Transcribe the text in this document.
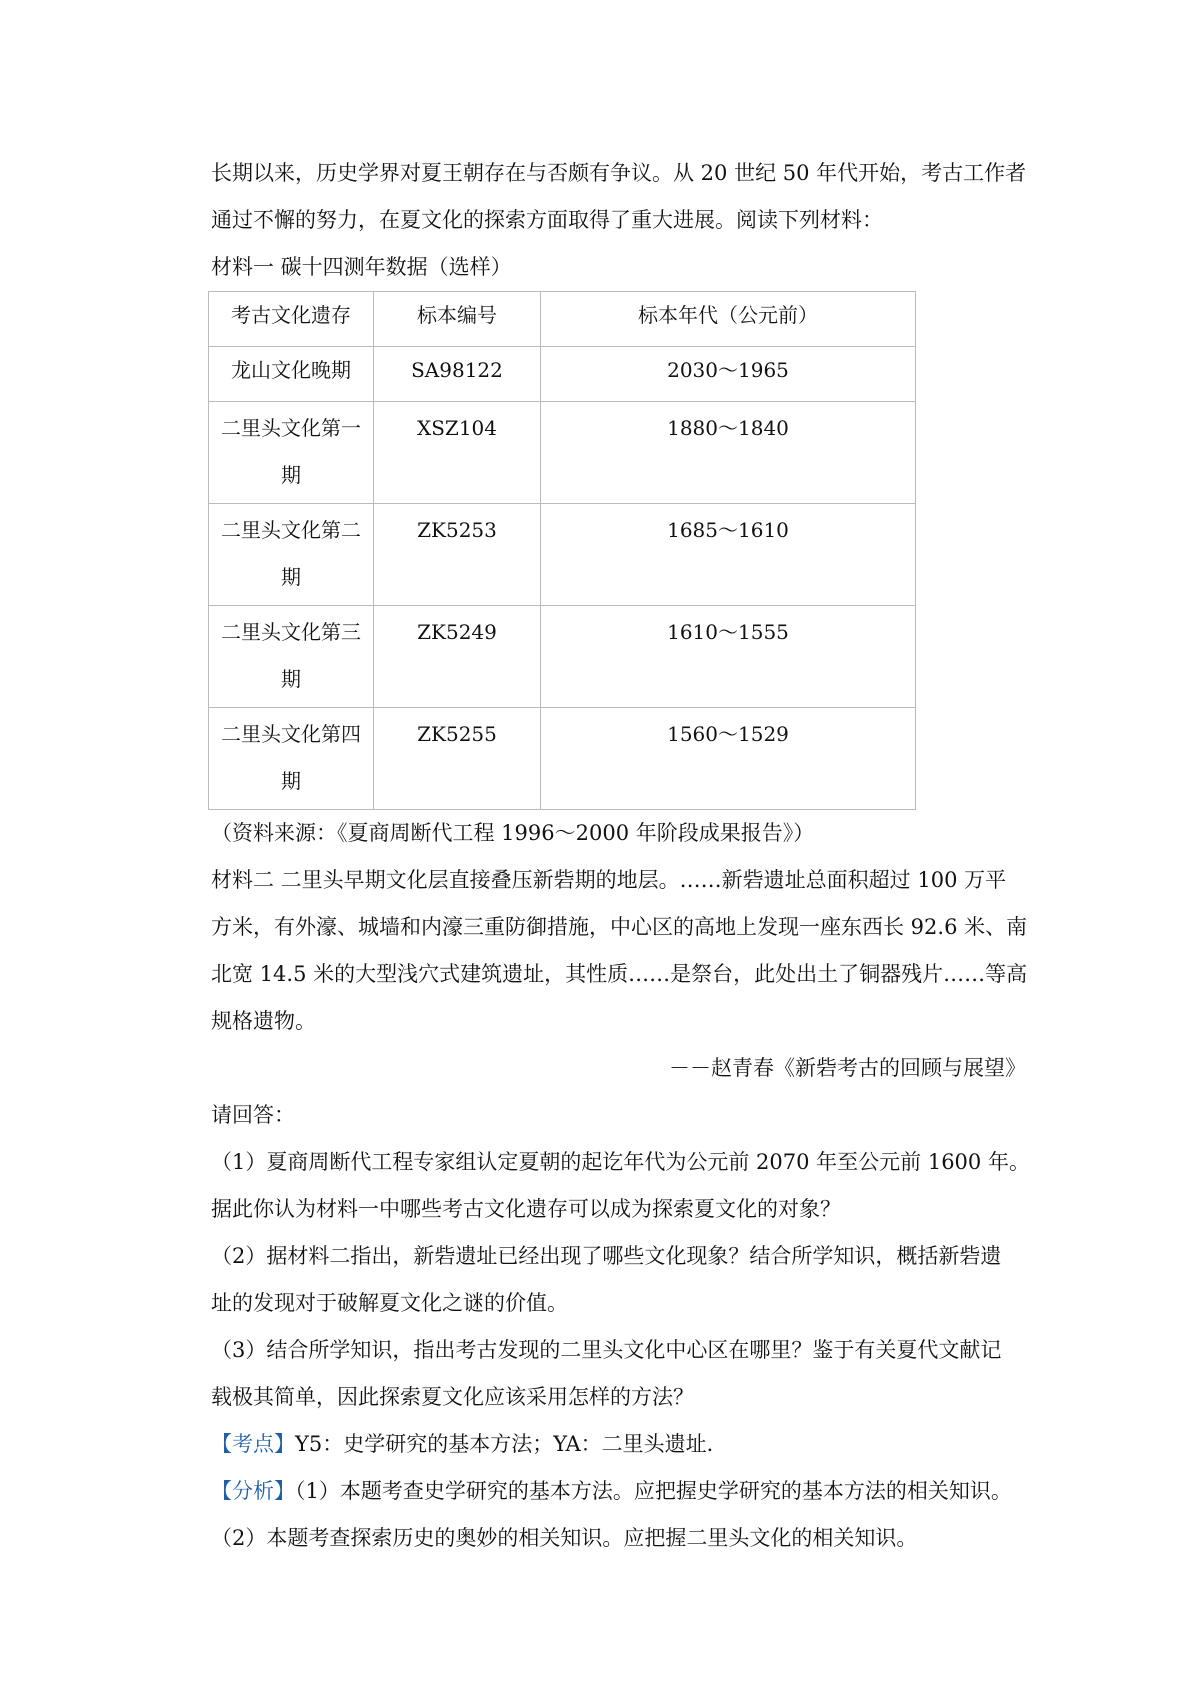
长期以来，历史学界对夏王朝存在与否颇有争议。从 20 世纪 50 年代开始，考古工作者
通过不懈的努力，在夏文化的探索方面取得了重大进展。阅读下列材料：
材料一 碳十四测年数据（选样）
考古文化遗存	标本编号	标本年代（公元前）
龙山文化晚期	SA98122	2030～1965

二里头文化第一
期	XSZ104	1880～1840

二里头文化第二
期	ZK5253	1685～1610

二里头文化第三
期	ZK5249	1610～1555

二里头文化第四
期	ZK5255	1560～1529
（资料来源：《夏商周断代工程 1996～2000 年阶段成果报告》）
材料二 二里头早期文化层直接叠压新砦期的地层。……新砦遗址总面积超过 100 万平
方米，有外濠、城墙和内濠三重防御措施，中心区的高地上发现一座东西长 92.6 米、南
北宽 14.5 米的大型浅穴式建筑遗址，其性质……是祭台，此处出土了铜器残片……等高
规格遗物。
－－赵青春《新砦考古的回顾与展望》
请回答：
（1）夏商周断代工程专家组认定夏朝的起讫年代为公元前 2070 年至公元前 1600 年。
据此你认为材料一中哪些考古文化遗存可以成为探索夏文化的对象？
（2）据材料二指出，新砦遗址已经出现了哪些文化现象？结合所学知识，概括新砦遗
址的发现对于破解夏文化之谜的价值。
（3）结合所学知识，指出考古发现的二里头文化中心区在哪里？鉴于有关夏代文献记
载极其简单，因此探索夏文化应该采用怎样的方法？
【考点】Y5：史学研究的基本方法；YA：二里头遗址．
【分析】（1）本题考查史学研究的基本方法。应把握史学研究的基本方法的相关知识。
（2）本题考查探索历史的奥妙的相关知识。应把握二里头文化的相关知识。
